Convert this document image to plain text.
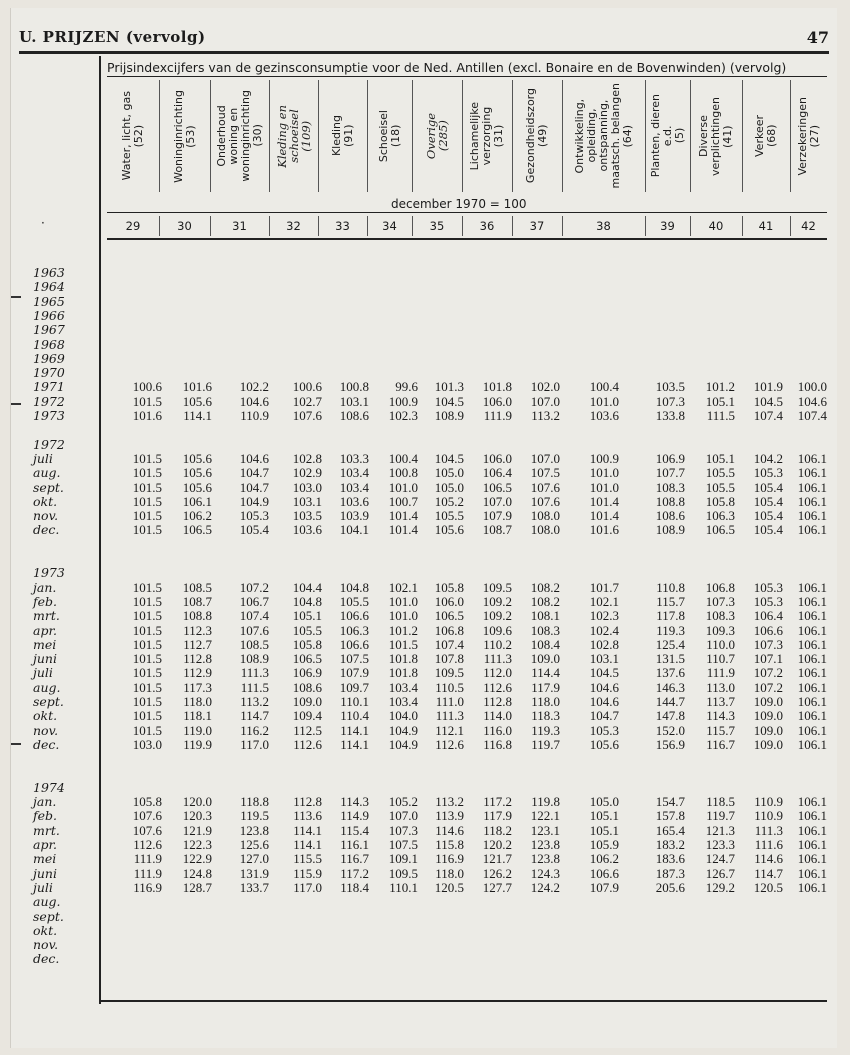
U. PRIJZEN (vervolg)	47
Prijsindexcijfers van de gezinsconsumptie voor de Ned. Antillen (excl. Bonaire en de Bovenwinden) (vervolg)
Water, licht, gas
(52) Woninginrichting
(53) Onderhoud
woning en
woninginrichting
(30) Kleding en
schoeisel
(109) Kleding
(91) Schoeisel
(18) Overige
(285) Lichamelijke
verzorging
(31) Gezondheidszorg
(49) Ontwikkeling,
opleiding,
ontspanning,
maatsch. belangen
(64) Planten, dieren
e.d.
(5) Diverse
verplichtingen
(41) Verkeer
(68) Verzekeringen
(27)
december 1970 = 100
·	29	30	31	32	33	34	35	36	37	38	39	40	41	42
1963
1964
1965
1966
1967
1968
1969
1970
1971	100.6	101.6	102.2	100.6	100.8	99.6	101.3	101.8	102.0	100.4	103.5	101.2	101.9	100.0
1972	101.5	105.6	104.6	102.7	103.1	100.9	104.5	106.0	107.0	101.0	107.3	105.1	104.5	104.6
1973	101.6	114.1	110.9	107.6	108.6	102.3	108.9	111.9	113.2	103.6	133.8	111.5	107.4	107.4
1972
juli	101.5	105.6	104.6	102.8	103.3	100.4	104.5	106.0	107.0	100.9	106.9	105.1	104.2	106.1
aug.	101.5	105.6	104.7	102.9	103.4	100.8	105.0	106.4	107.5	101.0	107.7	105.5	105.3	106.1
sept.	101.5	105.6	104.7	103.0	103.4	101.0	105.0	106.5	107.6	101.0	108.3	105.5	105.4	106.1
okt.	101.5	106.1	104.9	103.1	103.6	100.7	105.2	107.0	107.6	101.4	108.8	105.8	105.4	106.1
nov.	101.5	106.2	105.3	103.5	103.9	101.4	105.5	107.9	108.0	101.4	108.6	106.3	105.4	106.1
dec.	101.5	106.5	105.4	103.6	104.1	101.4	105.6	108.7	108.0	101.6	108.9	106.5	105.4	106.1
1973
jan.	101.5	108.5	107.2	104.4	104.8	102.1	105.8	109.5	108.2	101.7	110.8	106.8	105.3	106.1
feb.	101.5	108.7	106.7	104.8	105.5	101.0	106.0	109.2	108.2	102.1	115.7	107.3	105.3	106.1
mrt.	101.5	108.8	107.4	105.1	106.6	101.0	106.5	109.2	108.1	102.3	117.8	108.3	106.4	106.1
apr.	101.5	112.3	107.6	105.5	106.3	101.2	106.8	109.6	108.3	102.4	119.3	109.3	106.6	106.1
mei	101.5	112.7	108.5	105.8	106.6	101.5	107.4	110.2	108.4	102.8	125.4	110.0	107.3	106.1
juni	101.5	112.8	108.9	106.5	107.5	101.8	107.8	111.3	109.0	103.1	131.5	110.7	107.1	106.1
juli	101.5	112.9	111.3	106.9	107.9	101.8	109.5	112.0	114.4	104.5	137.6	111.9	107.2	106.1
aug.	101.5	117.3	111.5	108.6	109.7	103.4	110.5	112.6	117.9	104.6	146.3	113.0	107.2	106.1
sept.	101.5	118.0	113.2	109.0	110.1	103.4	111.0	112.8	118.0	104.6	144.7	113.7	109.0	106.1
okt.	101.5	118.1	114.7	109.4	110.4	104.0	111.3	114.0	118.3	104.7	147.8	114.3	109.0	106.1
nov.	101.5	119.0	116.2	112.5	114.1	104.9	112.1	116.0	119.3	105.3	152.0	115.7	109.0	106.1
dec.	103.0	119.9	117.0	112.6	114.1	104.9	112.6	116.8	119.7	105.6	156.9	116.7	109.0	106.1
1974
jan.	105.8	120.0	118.8	112.8	114.3	105.2	113.2	117.2	119.8	105.0	154.7	118.5	110.9	106.1
feb.	107.6	120.3	119.5	113.6	114.9	107.0	113.9	117.9	122.1	105.1	157.8	119.7	110.9	106.1
mrt.	107.6	121.9	123.8	114.1	115.4	107.3	114.6	118.2	123.1	105.1	165.4	121.3	111.3	106.1
apr.	112.6	122.3	125.6	114.1	116.1	107.5	115.8	120.2	123.8	105.9	183.2	123.3	111.6	106.1
mei	111.9	122.9	127.0	115.5	116.7	109.1	116.9	121.7	123.8	106.2	183.6	124.7	114.6	106.1
juni	111.9	124.8	131.9	115.9	117.2	109.5	118.0	126.2	124.3	106.6	187.3	126.7	114.7	106.1
juli	116.9	128.7	133.7	117.0	118.4	110.1	120.5	127.7	124.2	107.9	205.6	129.2	120.5	106.1
aug.
sept.
okt.
nov.
dec.
